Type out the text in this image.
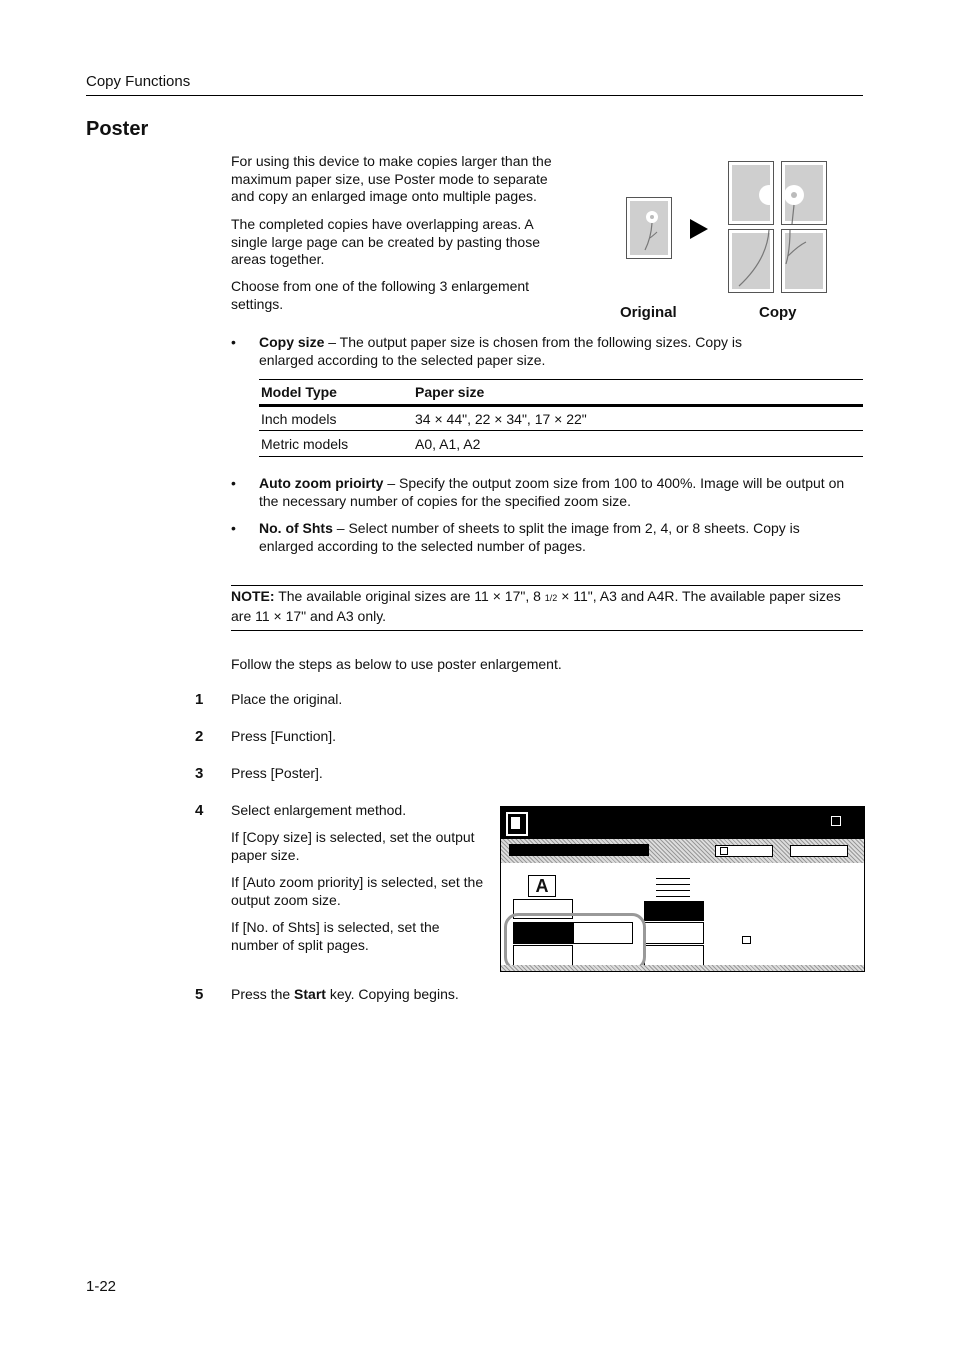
Copy Functions
Poster
For using this device to make copies larger than the maximum paper size, use Poster mode to separate and copy an enlarged image onto multiple pages.
The completed copies have overlapping areas. A single large page can be created by pasting those areas together.
Choose from one of the following 3 enlargement settings.
Original	Copy
• Copy size – The output paper size is chosen from the following sizes. Copy is enlarged according to the selected paper size.
Model Type	Paper size
Inch models	34 × 44", 22 × 34", 17 × 22"
Metric models	A0, A1, A2
• Auto zoom prioirty – Specify the output zoom size from 100 to 400%. Image will be output on the necessary number of copies for the specified zoom size.
• No. of Shts – Select number of sheets to split the image from 2, 4, or 8 sheets. Copy is enlarged according to the selected number of pages.
NOTE: The available original sizes are 11 × 17", 8 1/2 × 11", A3 and A4R. The available paper sizes are 11 × 17" and A3 only.
Follow the steps as below to use poster enlargement.
1 Place the original.
2 Press [Function].
3 Press [Poster].
4 Select enlargement method.
If [Copy size] is selected, set the output paper size.
If [Auto zoom priority] is selected, set the output zoom size.
If [No. of Shts] is selected, set the number of split pages.
A
5 Press the Start key. Copying begins.
1-22
